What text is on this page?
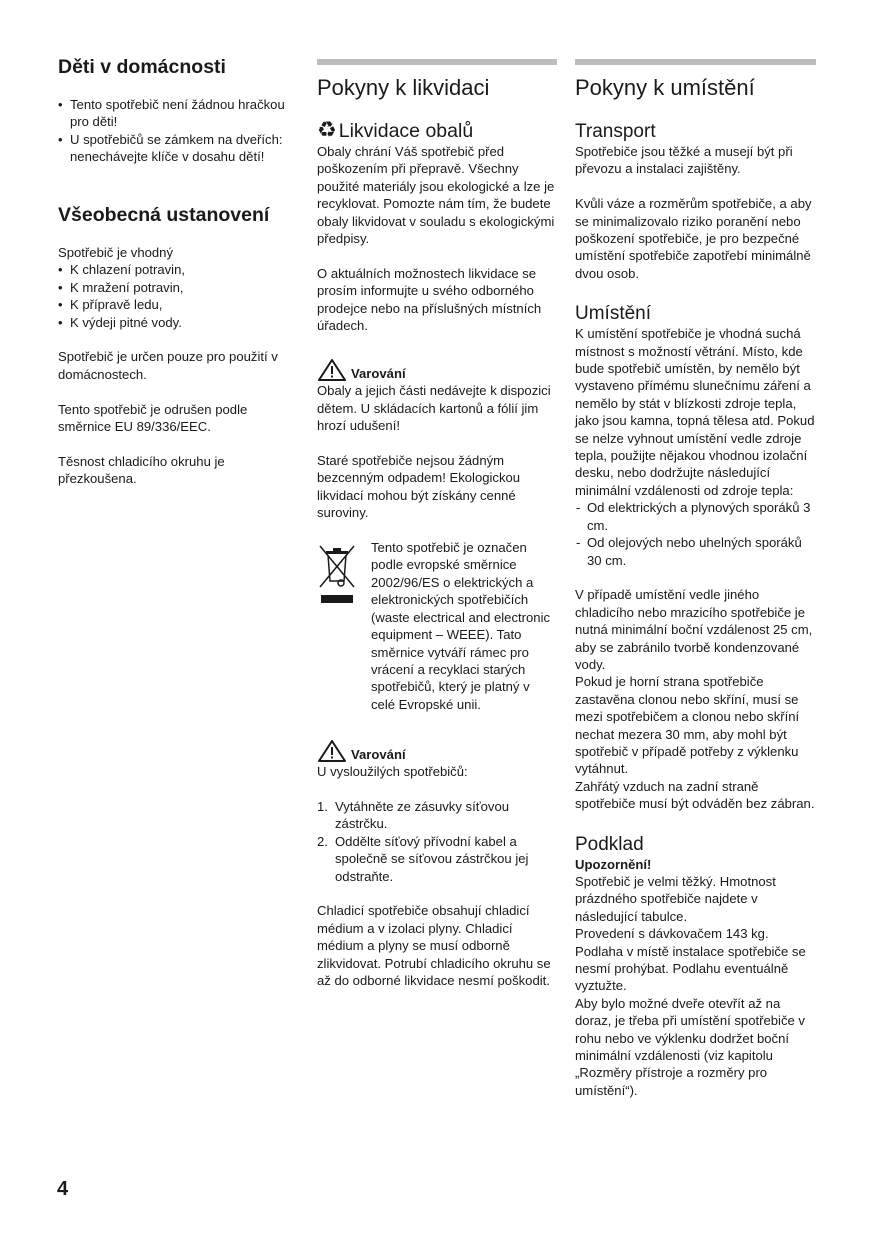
Děti v domácnosti
• Tento spotřebič není žádnou hračkou pro děti!
• U spotřebičů se zámkem na dveřích: nenechávejte klíče v dosahu dětí!
Všeobecná ustanovení

Spotřebič je vhodný

• K chlazení potravin,
• K mražení potravin,
• K přípravě ledu,
• K výdeji pitné vody.

Spotřebič je určen pouze pro použití v domácnostech.

Tento spotřebič je odrušen podle směrnice EU 89/336/EEC.

Těsnost chladicího okruhu je přezkoušena.

Pokyny k likvidaci
♻ Likvidace obalů

Obaly chrání Váš spotřebič před poškozením při přepravě. Všechny použité materiály jsou ekologické a lze je recyklovat. Pomozte nám tím, že budete obaly likvidovat v souladu s ekologickými předpisy.

O aktuálních možnostech likvidace se prosím informujte u svého odborného prodejce nebo na příslušných místních úřadech.

Varování

Obaly a jejich části nedávejte k dispozici dětem. U skládacích kartonů a fólií jim hrozí udušení!

Staré spotřebiče nejsou žádným bezcenným odpadem! Ekologickou likvidací mohou být získány cenné suroviny.

Tento spotřebič je označen podle evropské směrnice 2002/96/ES o elektrických a elektronických spotřebičích (waste electrical and electronic equipment – WEEE). Tato směrnice vytváří rámec pro vrácení a recyklaci starých spotřebičů, který je platný v celé Evropské unii.

Varování

U vysloužilých spotřebičů:

1. Vytáhněte ze zásuvky síťovou zástrčku.
2. Oddělte síťový přívodní kabel a společně se síťovou zástrčkou jej odstraňte.

Chladicí spotřebiče obsahují chladicí médium a v izolaci plyny. Chladicí médium a plyny se musí odborně zlikvidovat. Potrubí chladicího okruhu se až do odborné likvidace nesmí poškodit.

Pokyny k umístění
Transport

Spotřebiče jsou těžké a musejí být při převozu a instalaci zajištěny.

Kvůli váze a rozměrům spotřebiče, a aby se minimalizovalo riziko poranění nebo poškození spotřebiče, je pro bezpečné umístění spotřebiče zapotřebí minimálně dvou osob.

Umístění

K umístění spotřebiče je vhodná suchá místnost s možností větrání. Místo, kde bude spotřebič umístěn, by nemělo být vystaveno přímému slunečnímu záření a nemělo by stát v blízkosti zdroje tepla, jako jsou kamna, topná tělesa atd. Pokud se nelze vyhnout umístění vedle zdroje tepla, použijte nějakou vhodnou izolační desku, nebo dodržujte následující minimální vzdálenosti od zdroje tepla:

- Od elektrických a plynových sporáků 3 cm.
- Od olejových nebo uhelných sporáků 30 cm.

V případě umístění vedle jiného chladicího nebo mrazicího spotřebiče je nutná minimální boční vzdálenost 25 cm, aby se zabránilo tvorbě kondenzované vody.

Pokud je horní strana spotřebiče zastavěna clonou nebo skříní, musí se mezi spotřebičem a clonou nebo skříní nechat mezera 30 mm, aby mohl být spotřebič v případě potřeby z výklenku vytáhnut.

Zahřátý vzduch na zadní straně spotřebiče musí být odváděn bez zábran.

Podklad

Upozornění!

Spotřebič je velmi těžký. Hmotnost prázdného spotřebiče najdete v následující tabulce.

Provedení s dávkovačem 143 kg.

Podlaha v místě instalace spotřebiče se nesmí prohýbat. Podlahu eventuálně vyztužte.

Aby bylo možné dveře otevřít až na doraz, je třeba při umístění spotřebiče v rohu nebo ve výklenku dodržet boční minimální vzdálenosti (viz kapitolu „Rozměry přístroje a rozměry pro umístění“).

4
